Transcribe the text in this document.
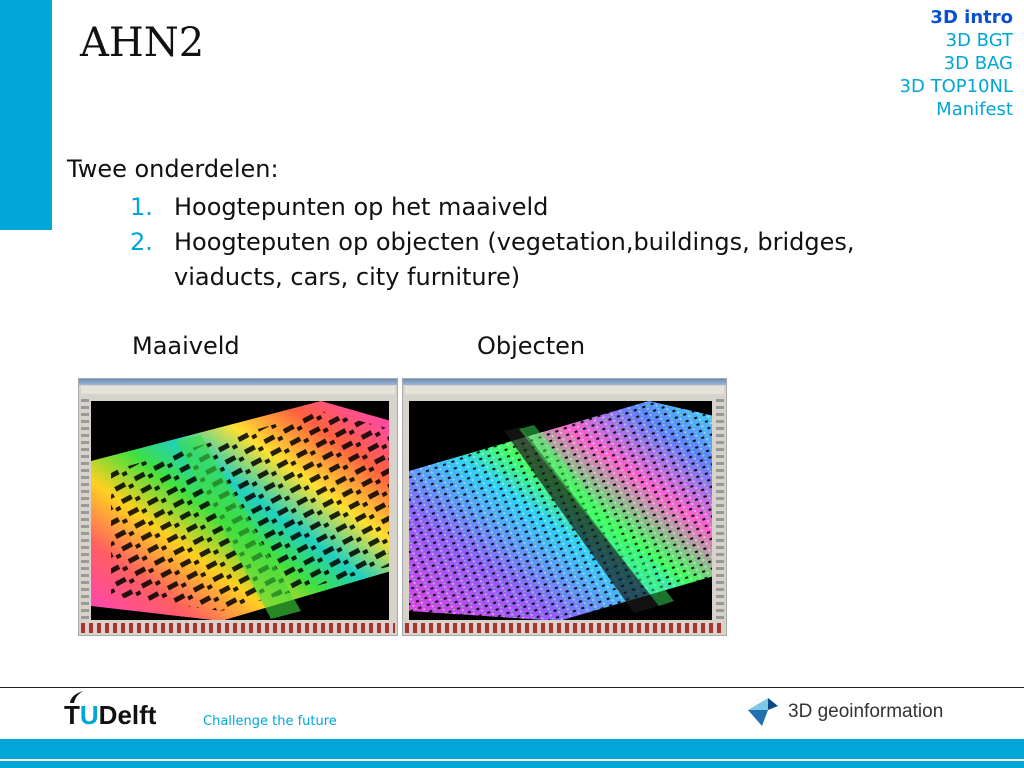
AHN2
3D intro
3D BGT
3D BAG
3D TOP10NL
Manifest
Twee onderdelen:
1. Hoogtepunten op het maaiveld
2. Hoogteputen op objecten (vegetation,buildings, bridges, viaducts, cars, city furniture)
Maaiveld	Objecten
TUDelft	Challenge the future	3D geoinformation
